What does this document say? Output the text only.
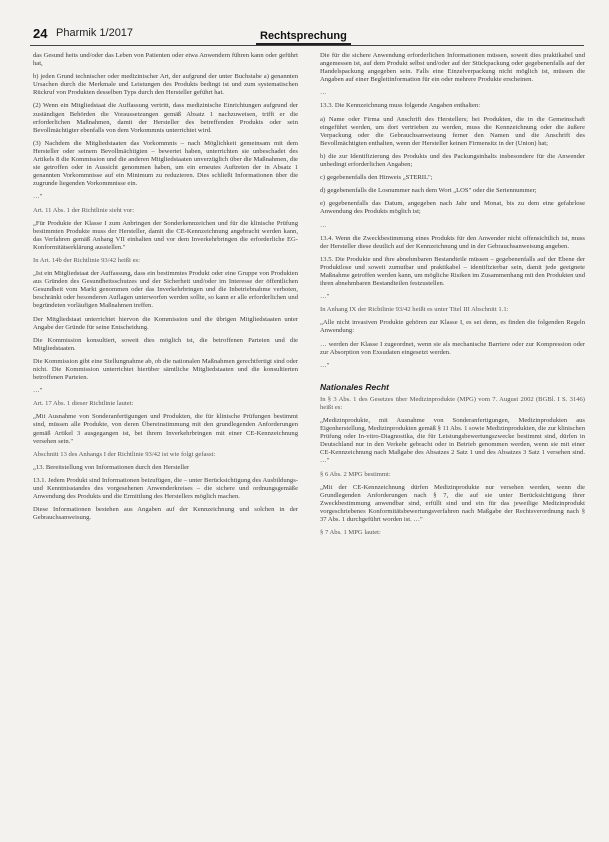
24 Pharmik 1/2017	Rechtsprechung

das Gesund heits und/oder das Leben von Patienten oder etwa Anwendern führen kann oder geführt hat,

b) jeden Grund technischer oder medizinischer Art, der aufgrund der unter Buchstabe a) genannten Ursachen durch die Merkmale und Leistungen des Produkts bedingt ist und zum systematischen Rückruf von Produkten desselben Typs durch den Hersteller geführt hat.

(2) Wenn ein Mitgliedstaat die Auffassung vertritt, dass medizinische Einrichtungen aufgrund der zuständigen Behörden die Voraussetzungen gemäß Absatz 1 nachzuweisen, trifft er die erforderlichen Maßnahmen, damit der Hersteller des betreffenden Produkts oder sein Bevollmächtigter ebenfalls von dem Vorkommnis unterrichtet wird.

(3) Nachdem die Mitgliedstaaten das Vorkommnis – nach Möglichkeit gemeinsam mit dem Hersteller oder seinem Bevollmächtigten – bewertet haben, unterrichten sie unbeschadet des Artikels 8 die Kommission und die anderen Mitgliedstaaten unverzüglich über die Maßnahmen, die sie getroffen oder in Aussicht genommen haben, um ein erneutes Auftreten der in Absatz 1 genannten Vorkommnisse auf ein Minimum zu reduzieren. Dies schließt Informationen über die zugrunde liegenden Vorkommnisse ein.

…"

Art. 11 Abs. 1 der Richtlinie sieht vor:

„Für Produkte der Klasse I zum Anbringen der Sonderkennzeichen und für die klinische Prüfung bestimmten Produkte muss der Hersteller, damit die CE-Kennzeichnung angebracht werden kann, das Verfahren gemäß Anhang VII einhalten und vor dem Inverkehrbringen die erforderliche EG-Konformitätserklärung ausstellen."

In Art. 14b der Richtlinie 93/42 heißt es:

„Ist ein Mitgliedstaat der Auffassung, dass ein bestimmtes Produkt oder eine Gruppe von Produkten aus Gründen des Gesundheitsschutzes und der Sicherheit und/oder im Interesse der öffentlichen Gesundheit vom Markt genommen oder das Inverkehrbringen und die Inbetriebnahme verboten, beschränkt oder besonderen Auflagen unterworfen werden sollte, so kann er alle erforderlichen und begründeten vorläufigen Maßnahmen treffen.

Der Mitgliedstaat unterrichtet hiervon die Kommission und die übrigen Mitgliedstaaten unter Angabe der Gründe für seine Entscheidung.

Die Kommission konsultiert, soweit dies möglich ist, die betroffenen Parteien und die Mitgliedstaaten.

Die Kommission gibt eine Stellungnahme ab, ob die nationalen Maßnahmen gerechtfertigt sind oder nicht. Die Kommission unterrichtet hierüber sämtliche Mitgliedstaaten und die konsultierten betroffenen Parteien.

…"

Art. 17 Abs. 1 dieser Richtlinie lautet:

„Mit Ausnahme von Sonderanfertigungen und Produkten, die für klinische Prüfungen bestimmt sind, müssen alle Produkte, von deren Übereinstimmung mit den grundlegenden Anforderungen gemäß Artikel 3 ausgegangen ist, bei ihrem Inverkehrbringen mit einer CE-Kennzeichnung versehen sein."

Abschnitt 13 des Anhangs I der Richtlinie 93/42 ist wie folgt gefasst:

„13. Bereitstellung von Informationen durch den Hersteller

13.1. Jedem Produkt sind Informationen beizufügen, die – unter Berücksichtigung des Ausbildungs- und Kenntnisstandes des vorgesehenen Anwenderkreises – die sichere und ordnungsgemäße Anwendung des Produkts und die Ermittlung des Herstellers möglich machen.

Diese Informationen bestehen aus Angaben auf der Kennzeichnung und solchen in der Gebrauchsanweisung.

Die für die sichere Anwendung erforderlichen Informationen müssen, soweit dies praktikabel und angemessen ist, auf dem Produkt selbst und/oder auf der Stückpackung oder gegebenenfalls auf der Handelspackung angegeben sein. Falls eine Einzelverpackung nicht möglich ist, müssen die Angaben auf einer Begleitinformation für ein oder mehrere Produkte erscheinen.

…

13.3. Die Kennzeichnung muss folgende Angaben enthalten:

a) Name oder Firma und Anschrift des Herstellers; bei Produkten, die in die Gemeinschaft eingeführt werden, um dort vertrieben zu werden, muss die Kennzeichnung oder die äußere Verpackung oder die Gebrauchsanweisung ferner den Namen und die Anschrift des Bevollmächtigten enthalten, wenn der Hersteller keinen Firmensitz in der (Union) hat;

b) die zur Identifizierung des Produkts und des Packungsinhalts insbesondere für die Anwender unbedingt erforderlichen Angaben;

c) gegebenenfalls den Hinweis „STERIL";

d) gegebenenfalls die Losnummer nach dem Wort „LOS" oder die Seriennummer;

e) gegebenenfalls das Datum, angegeben nach Jahr und Monat, bis zu dem eine gefahrlose Anwendung des Produkts möglich ist;

…

13.4. Wenn die Zweckbestimmung eines Produkts für den Anwender nicht offensichtlich ist, muss der Hersteller diese deutlich auf der Kennzeichnung und in der Gebrauchsanweisung angeben.

13.5. Die Produkte und ihre abnehmbaren Bestandteile müssen – gegebenenfalls auf der Ebene der Produktlose und soweit zumutbar und praktikabel – identifizierbar sein, damit jede geeignete Maßnahme getroffen werden kann, um mögliche Risiken im Zusammenhang mit den Produkten und ihren abnehmbaren Bestandteilen festzustellen.

…"

In Anhang IX der Richtlinie 93/42 heißt es unter Titel III Abschnitt 1.1:

„Alle nicht invasiven Produkte gehören zur Klasse I, es sei denn, es finden die folgenden Regeln Anwendung:

… werden der Klasse I zugeordnet, wenn sie als mechanische Barriere oder zur Kompression oder zur Absorption von Exsudaten eingesetzt werden.

…"

Nationales Recht

In § 3 Abs. 1 des Gesetzes über Medizinprodukte (MPG) vom 7. August 2002 (BGBl. I S. 3146) heißt es:

„Medizinprodukte, mit Ausnahme von Sonderanfertigungen, Medizinprodukten aus Eigenherstellung, Medizinprodukten gemäß § 11 Abs. 1 sowie Medizinprodukten, die zur klinischen Prüfung oder In-vitro-Diagnostika, die für Leistungsbewertungszwecke bestimmt sind, dürfen in Deutschland nur in den Verkehr gebracht oder in Betrieb genommen werden, wenn sie mit einer CE-Kennzeichnung nach Maßgabe des Absatzes 2 Satz 1 und des Absatzes 3 Satz 1 versehen sind. …"

§ 6 Abs. 2 MPG bestimmt:

„Mit der CE-Kennzeichnung dürfen Medizinprodukte nur versehen werden, wenn die Grundlegenden Anforderungen nach § 7, die auf sie unter Berücksichtigung ihrer Zweckbestimmung anwendbar sind, erfüllt sind und ein für das jeweilige Medizinprodukt vorgeschriebenes Konformitätsbewertungsverfahren nach Maßgabe der Rechtsverordnung nach § 37 Abs. 1 durchgeführt worden ist. …"

§ 7 Abs. 1 MPG lautet:
